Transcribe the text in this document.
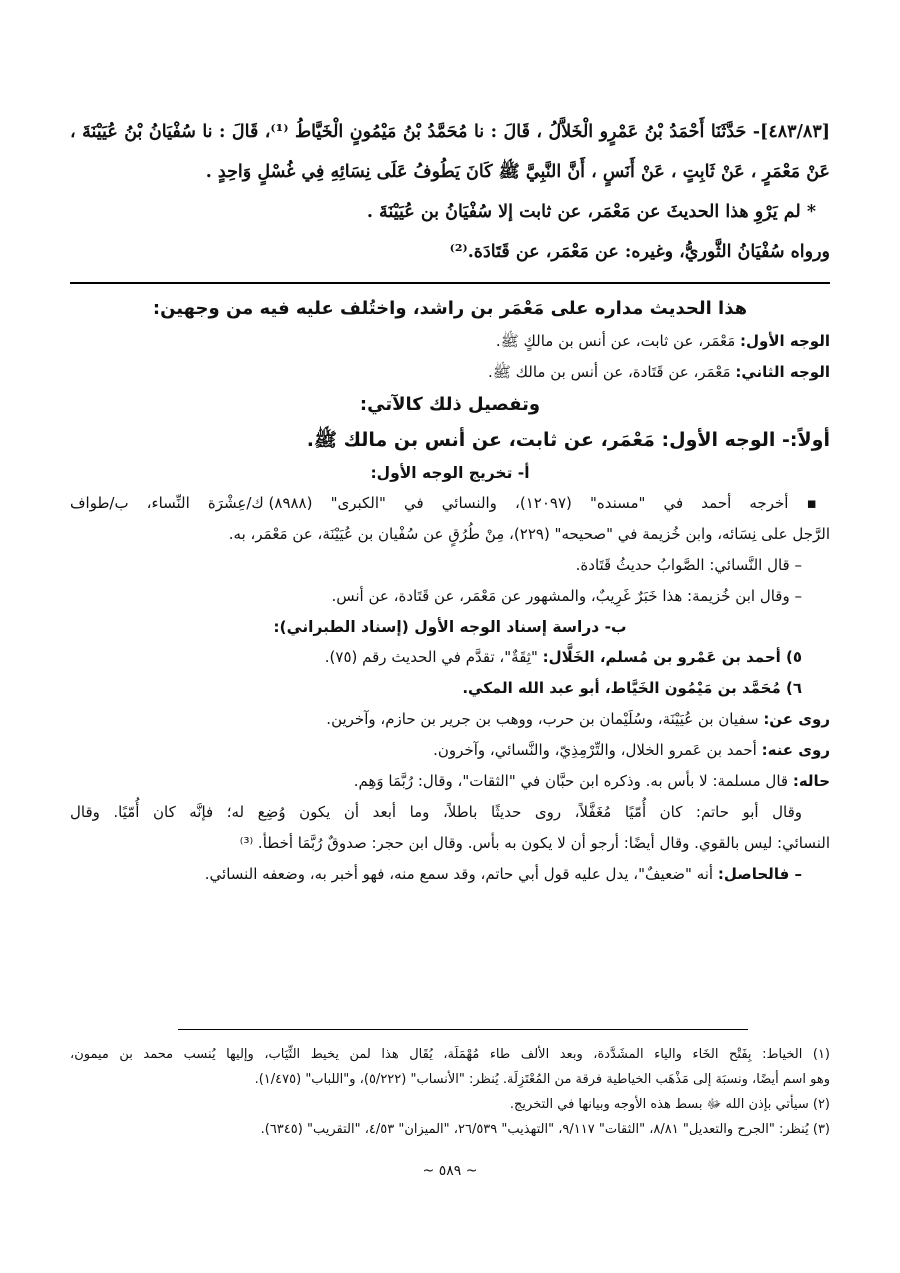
[٤٨٣/٨٣]- حَدَّثَنَا أَحْمَدُ بْنُ عَمْرٍو الْخَلاَّلُ ، قَالَ : نا مُحَمَّدُ بْنُ مَيْمُونٍ الْخَيَّاطُ ⁽¹⁾، قَالَ : نا سُفْيَانُ بْنُ عُيَيْنَةَ ،
عَنْ مَعْمَرٍ ، عَنْ ثَابِتٍ ، عَنْ أَنَسٍ ، أَنَّ النَّبِيَّ ﷺ كَانَ يَطُوفُ عَلَى نِسَائِهِ فِي غُسْلٍ وَاحِدٍ .
* لم يَرْوِ هذا الحديثَ عن مَعْمَر، عن ثابت إلا سُفْيَانُ بن عُيَيْنَةَ .
ورواه سُفْيَانُ الثَّوريُّ، وغيره: عن مَعْمَر، عن قَتَادَة.⁽²⁾
هذا الحديث مداره على مَعْمَر بن راشد، واختُلف عليه فيه من وجهين:
الوجه الأول: مَعْمَر، عن ثابت، عن أنس بن مالكٍ ﷺ.
الوجه الثاني: مَعْمَر، عن قَتَادة، عن أنس بن مالك ﷺ.
وتفصيل ذلك كالآتي:
أولاً:- الوجه الأول: مَعْمَر، عن ثابت، عن أنس بن مالك ﷺ.
أ- تخريج الوجه الأول:
▪ أخرجه أحمد في "مسنده" (١٢٠٩٧)، والنسائي في "الكبرى" (٨٩٨٨) ك/عِشْرَة النِّساء، ب/طواف
الرَّجل على نِسَائه، وابن خُزيمة في "صحيحه" (٢٢٩)، مِنْ طُرُقٍ عن سُفْيان بن عُيَيْنَة، عن مَعْمَر، به.
– قال النَّسائي: الصَّوابُ حديثُ قَتَادة.
– وقال ابن خُزيمة: هذا خَبَرٌ غَرِيبٌ، والمشهور عن مَعْمَر، عن قَتَادة، عن أنس.
ب- دراسة إسناد الوجه الأول (إسناد الطبراني):
٥) أحمد بن عَمْرو بن مُسلم، الخَلَّال: "ثِقَةٌ"، تقدَّم في الحديث رقم (٧٥).
٦) مُحَمَّد بن مَيْمُون الخَيَّاط، أبو عبد الله المكي.
روى عن: سفيان بن عُيَيْنَة، وسُلَيْمان بن حرب، ووهب بن جرير بن حازم، وآخرين.
روى عنه: أحمد بن عَمرو الخلال، والتِّرْمِذِيّ، والنَّسائي، وآخرون.
حاله: قال مسلمة: لا بأس به. وذكره ابن حبَّان في "الثقات"، وقال: رُبَّمَا وَهِم.
وقال أبو حاتم: كان أُمّيًا مُغَفَّلاً، روى حديثًا باطلاً، وما أبعد أن يكون وُضِع له؛ فإنَّه كان أُمّيًا. وقال
النسائي: ليس بالقوي. وقال أيضًا: أرجو أن لا يكون به بأس. وقال ابن حجر: صدوقٌ رُبَّمَا أخطأ. ⁽³⁾
– فالحاصل: أنه "ضعيفٌ"، يدل عليه قول أبي حاتم، وقد سمع منه، فهو أخبر به، وضعفه النسائي.
(١) الخياط: بِفَتْح الخَاء والياء المشَدَّدة، وبعد الألف طاء مُهْمَلَة، يُقَال هذا لمن يخيط الثِّيَاب، وإليها يُنسب محمد بن ميمون،
وهو اسم أيضًا، ونسبَة إلى مَذْهَب الخياطية فرقة من المُعْتَزِلَة. يُنظر: "الأنساب" (٥/٢٢٢)، و"اللباب" (١/٤٧٥).
(٢) سيأتي بإذن الله ﷻ بسط هذه الأوجه وبيانها في التخريج.
(٣) يُنظر: "الجرح والتعديل" ٨/٨١، "الثقات" ٩/١١٧، "التهذيب" ٢٦/٥٣٩، "الميزان" ٤/٥٣، "التقريب" (٦٣٤٥).
~ ٥٨٩ ~
